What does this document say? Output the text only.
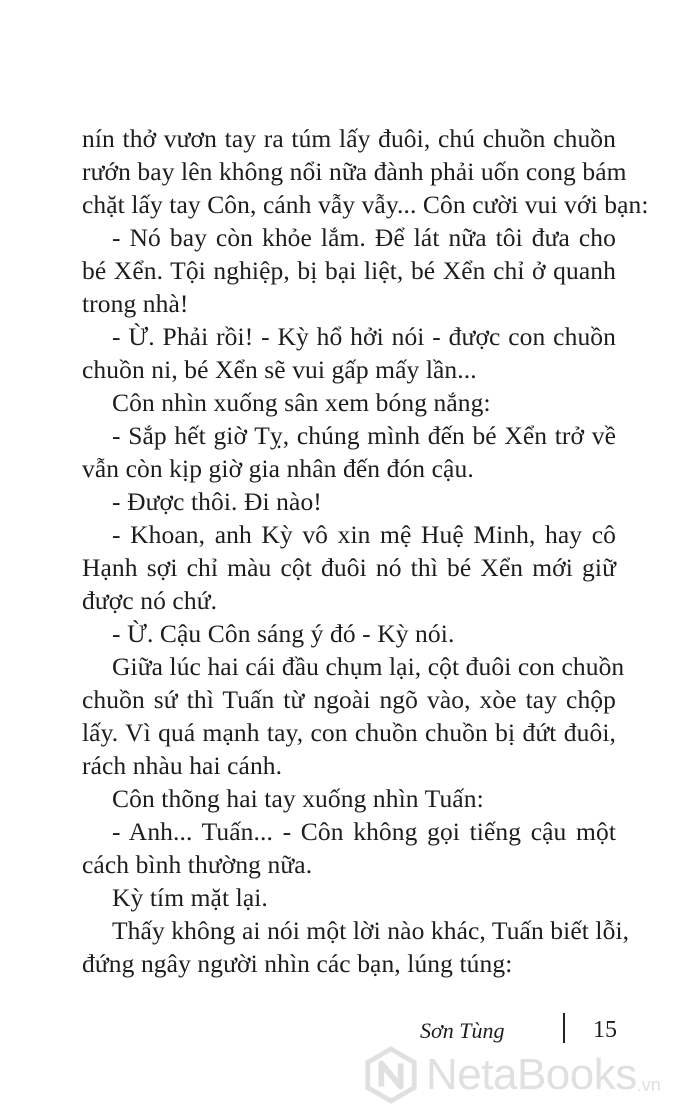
nín thở vươn tay ra túm lấy đuôi, chú chuồn chuồn
rướn bay lên không nổi nữa đành phải uốn cong bám
chặt lấy tay Côn, cánh vẫy vẫy... Côn cười vui với bạn:
- Nó bay còn khỏe lắm. Để lát nữa tôi đưa cho
bé Xển. Tội nghiệp, bị bại liệt, bé Xển chỉ ở quanh
trong nhà!
- Ừ. Phải rồi! - Kỳ hổ hởi nói - được con chuồn
chuồn ni, bé Xển sẽ vui gấp mấy lần...
Côn nhìn xuống sân xem bóng nắng:
- Sắp hết giờ Tỵ, chúng mình đến bé Xển trở về
vẫn còn kịp giờ gia nhân đến đón cậu.
- Được thôi. Đi nào!
- Khoan, anh Kỳ vô xin mệ Huệ Minh, hay cô
Hạnh sợi chỉ màu cột đuôi nó thì bé Xển mới giữ
được nó chứ.
- Ừ. Cậu Côn sáng ý đó - Kỳ nói.
Giữa lúc hai cái đầu chụm lại, cột đuôi con chuồn
chuồn sứ thì Tuấn từ ngoài ngõ vào, xòe tay chộp
lấy. Vì quá mạnh tay, con chuồn chuồn bị đứt đuôi,
rách nhàu hai cánh.
Côn thõng hai tay xuống nhìn Tuấn:
- Anh... Tuấn... - Côn không gọi tiếng cậu một
cách bình thường nữa.
Kỳ tím mặt lại.
Thấy không ai nói một lời nào khác, Tuấn biết lỗi,
đứng ngây người nhìn các bạn, lúng túng:
Sơn Tùng	15
NetaBooks .vn
